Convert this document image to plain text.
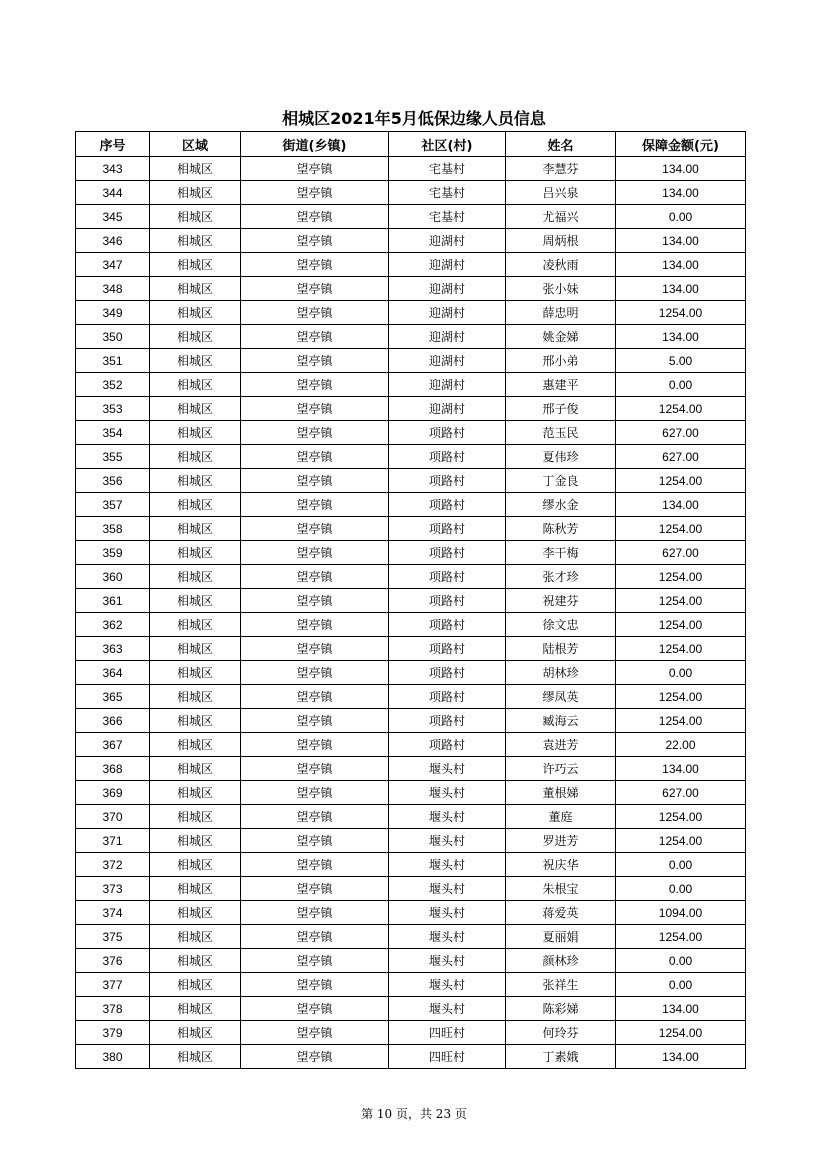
相城区2021年5月低保边缘人员信息
序号	区域	街道(乡镇)	社区(村)	姓名	保障金额(元)
343	相城区	望亭镇	宅基村	李慧芬	134.00
344	相城区	望亭镇	宅基村	吕兴泉	134.00
345	相城区	望亭镇	宅基村	尤福兴	0.00
346	相城区	望亭镇	迎湖村	周炳根	134.00
347	相城区	望亭镇	迎湖村	凌秋雨	134.00
348	相城区	望亭镇	迎湖村	张小妹	134.00
349	相城区	望亭镇	迎湖村	薛忠明	1254.00
350	相城区	望亭镇	迎湖村	姚金娣	134.00
351	相城区	望亭镇	迎湖村	邢小弟	5.00
352	相城区	望亭镇	迎湖村	惠建平	0.00
353	相城区	望亭镇	迎湖村	邢子俊	1254.00
354	相城区	望亭镇	项路村	范玉民	627.00
355	相城区	望亭镇	项路村	夏伟珍	627.00
356	相城区	望亭镇	项路村	丁金良	1254.00
357	相城区	望亭镇	项路村	缪水金	134.00
358	相城区	望亭镇	项路村	陈秋芳	1254.00
359	相城区	望亭镇	项路村	李干梅	627.00
360	相城区	望亭镇	项路村	张才珍	1254.00
361	相城区	望亭镇	项路村	祝建芬	1254.00
362	相城区	望亭镇	项路村	徐文忠	1254.00
363	相城区	望亭镇	项路村	陆根芳	1254.00
364	相城区	望亭镇	项路村	胡林珍	0.00
365	相城区	望亭镇	项路村	缪凤英	1254.00
366	相城区	望亭镇	项路村	臧海云	1254.00
367	相城区	望亭镇	项路村	袁进芳	22.00
368	相城区	望亭镇	堰头村	许巧云	134.00
369	相城区	望亭镇	堰头村	董根娣	627.00
370	相城区	望亭镇	堰头村	董庭	1254.00
371	相城区	望亭镇	堰头村	罗进芳	1254.00
372	相城区	望亭镇	堰头村	祝庆华	0.00
373	相城区	望亭镇	堰头村	朱根宝	0.00
374	相城区	望亭镇	堰头村	蒋爱英	1094.00
375	相城区	望亭镇	堰头村	夏丽娟	1254.00
376	相城区	望亭镇	堰头村	颜林珍	0.00
377	相城区	望亭镇	堰头村	张祥生	0.00
378	相城区	望亭镇	堰头村	陈彩娣	134.00
379	相城区	望亭镇	四旺村	何玲芬	1254.00
380	相城区	望亭镇	四旺村	丁素娥	134.00
第 10 页，共 23 页
